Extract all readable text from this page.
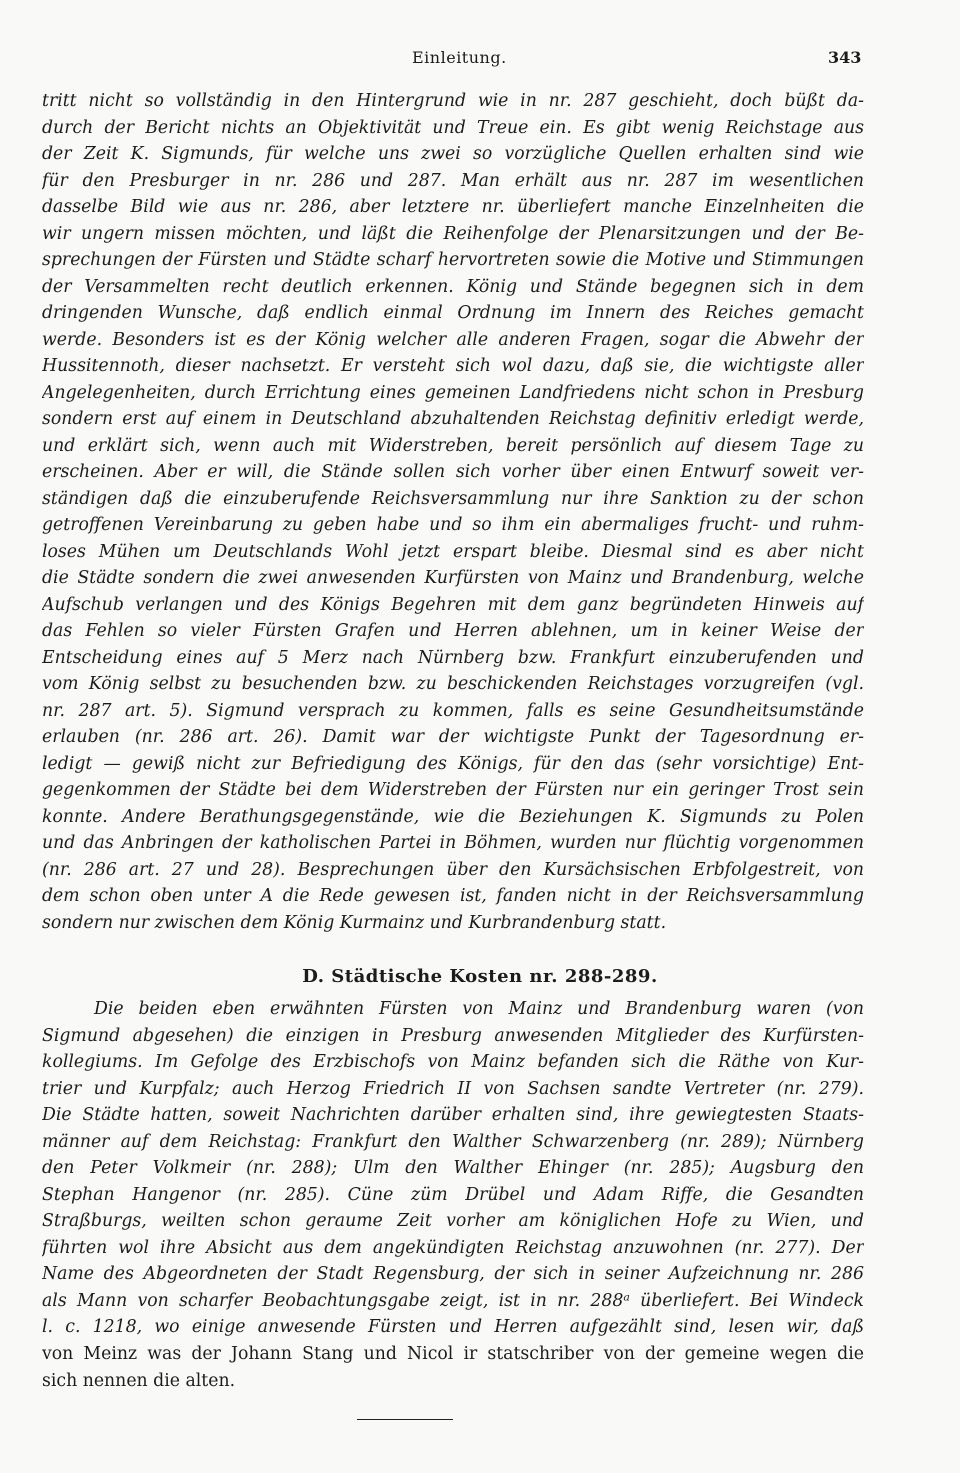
Einleitung.	343
tritt nicht so vollständig in den Hintergrund wie in nr. 287 geschieht, doch büßt da-
durch der Bericht nichts an Objektivität und Treue ein. Es gibt wenig Reichstage aus
der Zeit K. Sigmunds, für welche uns zwei so vorzügliche Quellen erhalten sind wie
für den Presburger in nr. 286 und 287. Man erhält aus nr. 287 im wesentlichen
dasselbe Bild wie aus nr. 286, aber letztere nr. überliefert manche Einzelnheiten die
wir ungern missen möchten, und läßt die Reihenfolge der Plenarsitzungen und der Be-
sprechungen der Fürsten und Städte scharf hervortreten sowie die Motive und Stimmungen
der Versammelten recht deutlich erkennen. König und Stände begegnen sich in dem
dringenden Wunsche, daß endlich einmal Ordnung im Innern des Reiches gemacht
werde. Besonders ist es der König welcher alle anderen Fragen, sogar die Abwehr der
Hussitennoth, dieser nachsetzt. Er versteht sich wol dazu, daß sie, die wichtigste aller
Angelegenheiten, durch Errichtung eines gemeinen Landfriedens nicht schon in Presburg
sondern erst auf einem in Deutschland abzuhaltenden Reichstag definitiv erledigt werde,
und erklärt sich, wenn auch mit Widerstreben, bereit persönlich auf diesem Tage zu
erscheinen. Aber er will, die Stände sollen sich vorher über einen Entwurf soweit ver-
ständigen daß die einzuberufende Reichsversammlung nur ihre Sanktion zu der schon
getroffenen Vereinbarung zu geben habe und so ihm ein abermaliges frucht- und ruhm-
loses Mühen um Deutschlands Wohl jetzt erspart bleibe. Diesmal sind es aber nicht
die Städte sondern die zwei anwesenden Kurfürsten von Mainz und Brandenburg, welche
Aufschub verlangen und des Königs Begehren mit dem ganz begründeten Hinweis auf
das Fehlen so vieler Fürsten Grafen und Herren ablehnen, um in keiner Weise der
Entscheidung eines auf 5 Merz nach Nürnberg bzw. Frankfurt einzuberufenden und
vom König selbst zu besuchenden bzw. zu beschickenden Reichstages vorzugreifen (vgl.
nr. 287 art. 5). Sigmund versprach zu kommen, falls es seine Gesundheitsumstände
erlauben (nr. 286 art. 26). Damit war der wichtigste Punkt der Tagesordnung er-
ledigt — gewiß nicht zur Befriedigung des Königs, für den das (sehr vorsichtige) Ent-
gegenkommen der Städte bei dem Widerstreben der Fürsten nur ein geringer Trost sein
konnte. Andere Berathungsgegenstände, wie die Beziehungen K. Sigmunds zu Polen
und das Anbringen der katholischen Partei in Böhmen, wurden nur flüchtig vorgenommen
(nr. 286 art. 27 und 28). Besprechungen über den Kursächsischen Erbfolgestreit, von
dem schon oben unter A die Rede gewesen ist, fanden nicht in der Reichsversammlung
sondern nur zwischen dem König Kurmainz und Kurbrandenburg statt.
D. Städtische Kosten nr. 288-289.
Die beiden eben erwähnten Fürsten von Mainz und Brandenburg waren (von
Sigmund abgesehen) die einzigen in Presburg anwesenden Mitglieder des Kurfürsten-
kollegiums. Im Gefolge des Erzbischofs von Mainz befanden sich die Räthe von Kur-
trier und Kurpfalz; auch Herzog Friedrich II von Sachsen sandte Vertreter (nr. 279).
Die Städte hatten, soweit Nachrichten darüber erhalten sind, ihre gewiegtesten Staats-
männer auf dem Reichstag: Frankfurt den Walther Schwarzenberg (nr. 289); Nürnberg
den Peter Volkmeir (nr. 288); Ulm den Walther Ehinger (nr. 285); Augsburg den
Stephan Hangenor (nr. 285). Cüne züm Drübel und Adam Riffe, die Gesandten
Straßburgs, weilten schon geraume Zeit vorher am königlichen Hofe zu Wien, und
führten wol ihre Absicht aus dem angekündigten Reichstag anzuwohnen (nr. 277). Der
Name des Abgeordneten der Stadt Regensburg, der sich in seiner Aufzeichnung nr. 286
als Mann von scharfer Beobachtungsgabe zeigt, ist in nr. 288ᵃ überliefert. Bei Windeck
l. c. 1218, wo einige anwesende Fürsten und Herren aufgezählt sind, lesen wir, daß
von Meinz was der Johann Stang und Nicol ir statschriber von der gemeine wegen die
sich nennen die alten.
